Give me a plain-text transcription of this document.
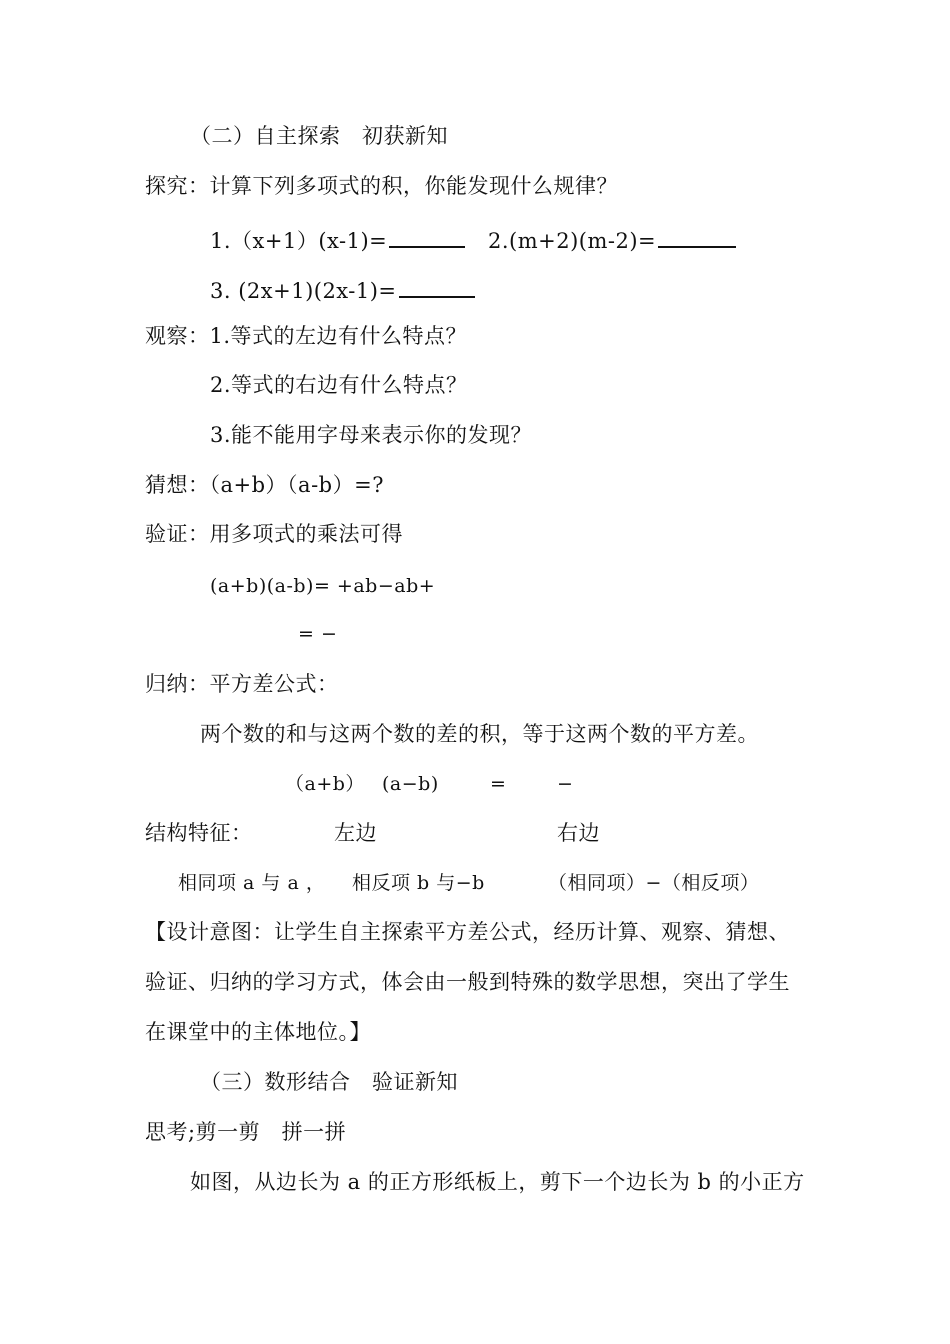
（二）自主探索　初获新知
探究：计算下列多项式的积，你能发现什么规律？
1.（x+1）(x-1)=	2.(m+2)(m-2)=
3. (2x+1)(2x-1)=
观察：1.等式的左边有什么特点？
2.等式的右边有什么特点？
3.能不能用字母来表示你的发现？
猜想：（a+b）（a-b）=?
验证：用多项式的乘法可得
(a+b)(a-b)= +ab−ab+
= −
归纳：平方差公式：
两个数的和与这两个数的差的积，等于这两个数的平方差。
（a+b） (a−b)	=	−
结构特征：	左边	右边
相同项 a 与 a ， 相反项 b 与−b	（相同项）−（相反项）
【设计意图：让学生自主探索平方差公式，经历计算、观察、猜想、
验证、归纳的学习方式，体会由一般到特殊的数学思想，突出了学生
在课堂中的主体地位。】
（三）数形结合　验证新知
思考;剪一剪　拼一拼
如图，从边长为 a 的正方形纸板上，剪下一个边长为 b 的小正方
